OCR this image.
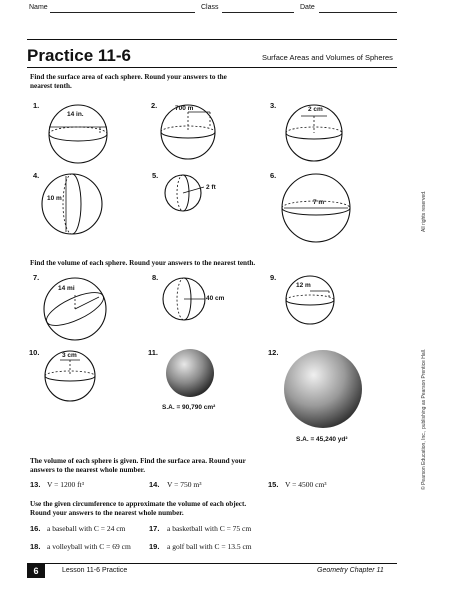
Name	Class	Date
Practice 11-6	Surface Areas and Volumes of Spheres
Find the surface area of each sphere. Round your answers to the
nearest tenth.
1.
14 in.
2.	700 m	3.	2 cm
4.
10 m
5.
2 ft
6.
7 m
Find the volume of each sphere. Round your answers to the nearest tenth.
7.
14 mi
8.
40 cm
9.
12 m
10.	3 cm	11.
S.A. = 90,790 cm²
12.
S.A. = 45,240 yd²
The volume of each sphere is given. Find the surface area. Round your
answers to the nearest whole number.
13. V = 1200 ft³	14. V = 750 m³	15. V = 4500 cm³
Use the given circumference to approximate the volume of each object.
Round your answers to the nearest whole number.
16. a baseball with C = 24 cm	17. a basketball with C = 75 cm
18. a volleyball with C = 69 cm 19. a golf ball with C = 13.5 cm
All rights reserved.
© Pearson Education, Inc., publishing as Pearson Prentice Hall.
6	Lesson 11-6 Practice	Geometry Chapter 11
